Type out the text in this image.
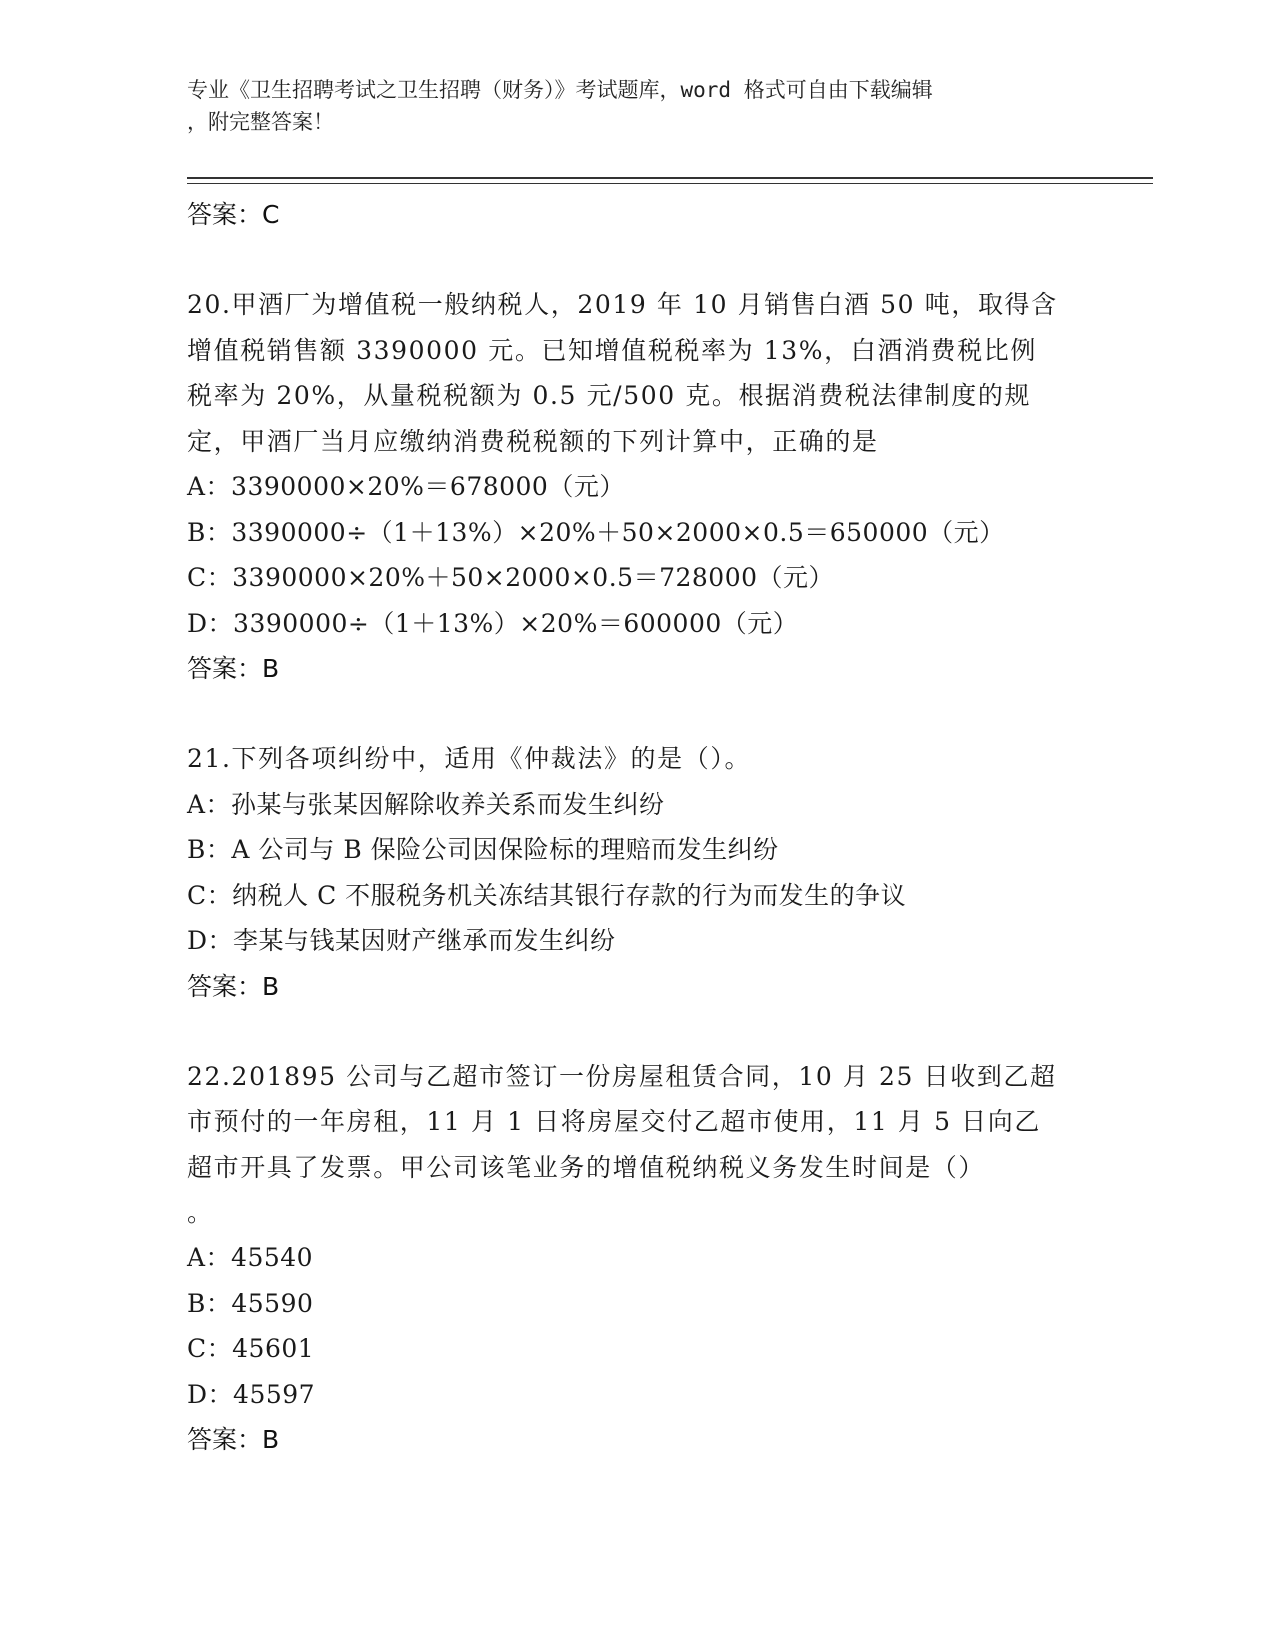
专业《卫生招聘考试之卫生招聘（财务）》考试题库，word 格式可自由下载编辑
，附完整答案！
答案：C
20.甲酒厂为增值税一般纳税人，2019 年 10 月销售白酒 50 吨，取得含
增值税销售额 3390000 元。已知增值税税率为 13%，白酒消费税比例
税率为 20%，从量税税额为 0.5 元/500 克。根据消费税法律制度的规
定，甲酒厂当月应缴纳消费税税额的下列计算中，正确的是
A：3390000×20%＝678000（元）
B：3390000÷（1＋13%）×20%＋50×2000×0.5＝650000（元）
C：3390000×20%＋50×2000×0.5＝728000（元）
D：3390000÷（1＋13%）×20%＝600000（元）
答案：B
21.下列各项纠纷中，适用《仲裁法》的是（）。
A：孙某与张某因解除收养关系而发生纠纷
B：A 公司与 B 保险公司因保险标的理赔而发生纠纷
C：纳税人 C 不服税务机关冻结其银行存款的行为而发生的争议
D：李某与钱某因财产继承而发生纠纷
答案：B
22.201895 公司与乙超市签订一份房屋租赁合同，10 月 25 日收到乙超
市预付的一年房租，11 月 1 日将房屋交付乙超市使用，11 月 5 日向乙
超市开具了发票。甲公司该笔业务的增值税纳税义务发生时间是（）
。
A：45540
B：45590
C：45601
D：45597
答案：B
